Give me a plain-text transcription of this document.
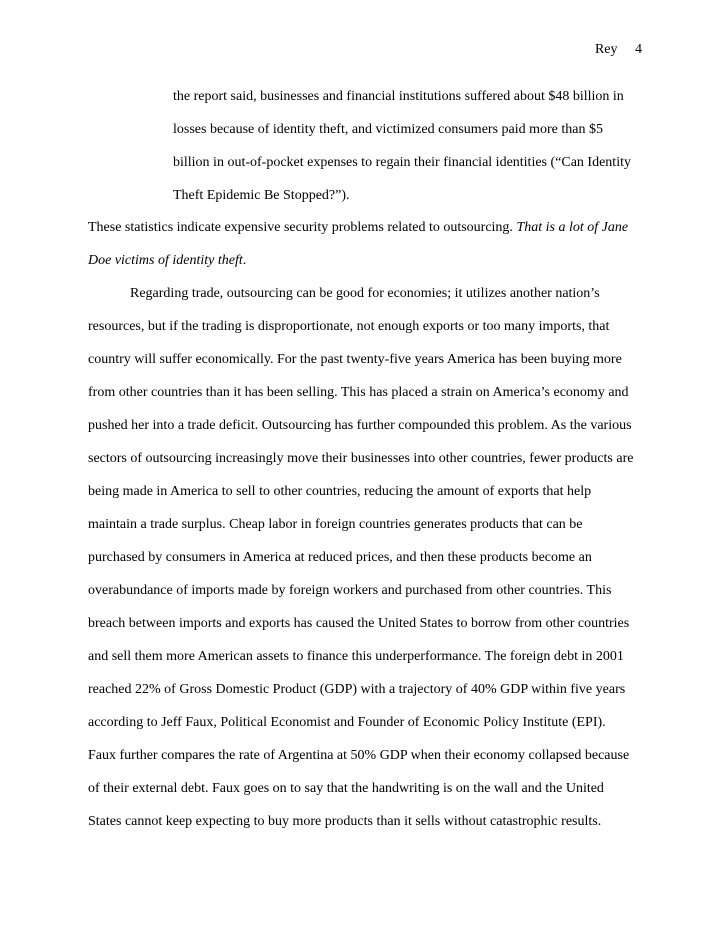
Rey 4
the report said, businesses and financial institutions suffered about $48 billion in
losses because of identity theft, and victimized consumers paid more than $5
billion in out-of-pocket expenses to regain their financial identities (“Can Identity
Theft Epidemic Be Stopped?”).
These statistics indicate expensive security problems related to outsourcing. That is a lot of Jane
Doe victims of identity theft.
Regarding trade, outsourcing can be good for economies; it utilizes another nation’s
resources, but if the trading is disproportionate, not enough exports or too many imports, that
country will suffer economically. For the past twenty-five years America has been buying more
from other countries than it has been selling. This has placed a strain on America’s economy and
pushed her into a trade deficit. Outsourcing has further compounded this problem. As the various
sectors of outsourcing increasingly move their businesses into other countries, fewer products are
being made in America to sell to other countries, reducing the amount of exports that help
maintain a trade surplus. Cheap labor in foreign countries generates products that can be
purchased by consumers in America at reduced prices, and then these products become an
overabundance of imports made by foreign workers and purchased from other countries. This
breach between imports and exports has caused the United States to borrow from other countries
and sell them more American assets to finance this underperformance. The foreign debt in 2001
reached 22% of Gross Domestic Product (GDP) with a trajectory of 40% GDP within five years
according to Jeff Faux, Political Economist and Founder of Economic Policy Institute (EPI).
Faux further compares the rate of Argentina at 50% GDP when their economy collapsed because
of their external debt. Faux goes on to say that the handwriting is on the wall and the United
States cannot keep expecting to buy more products than it sells without catastrophic results.
